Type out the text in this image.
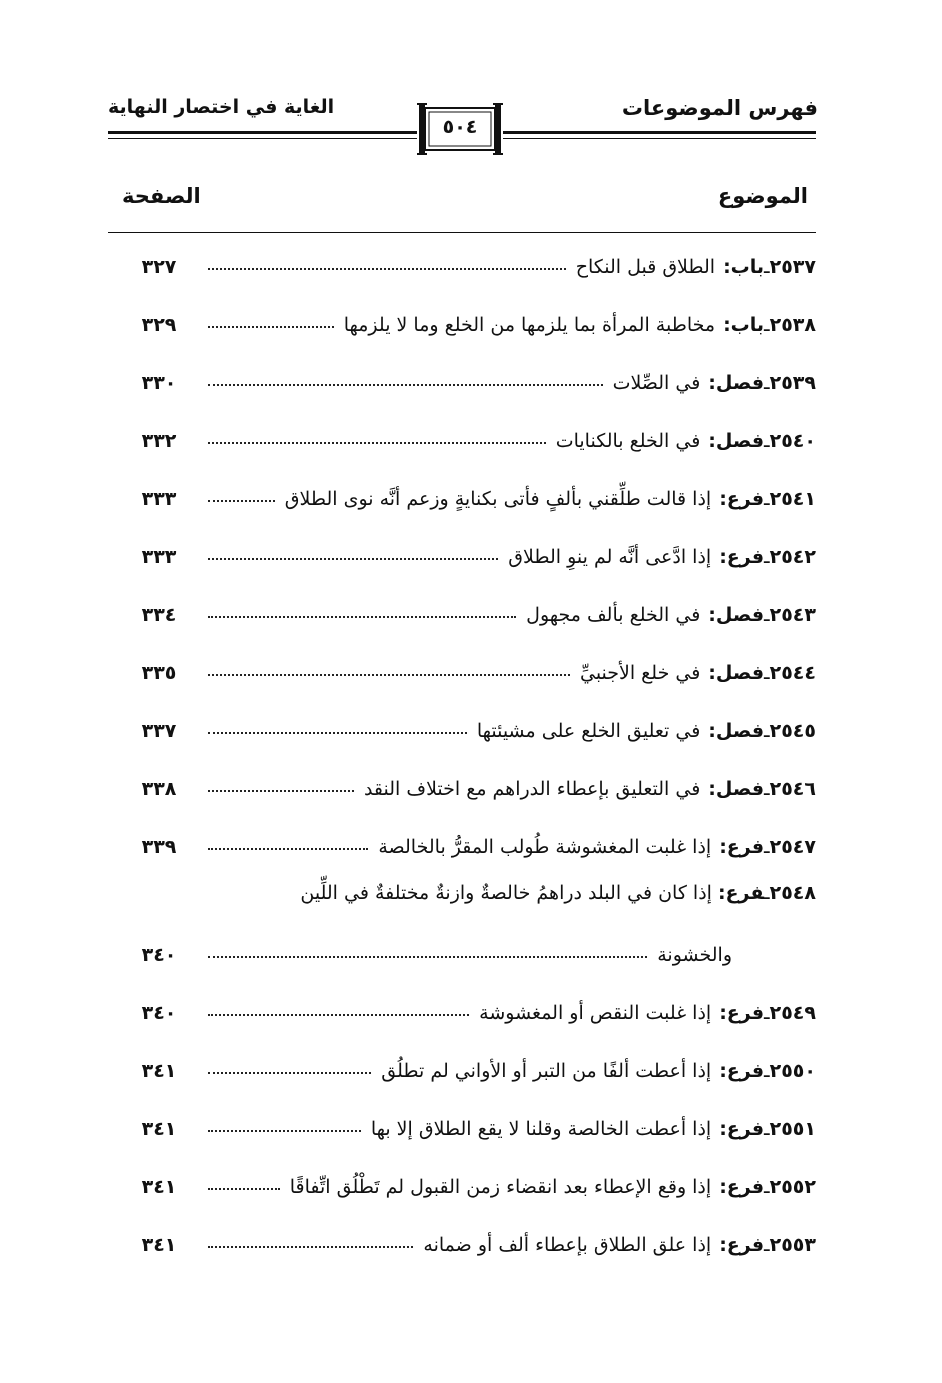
فهرس الموضوعات
الغاية في اختصار النهاية
٥٠٤
الموضوع
الصفحة
٢٥٣٧
ـ
باب:
الطلاق قبل النكاح
٣٢٧
٢٥٣٨
ـ
باب:
مخاطبة المرأة بما يلزمها من الخلع وما لا يلزمها
٣٢٩
٢٥٣٩
ـ
فصل:
في الصِّلات
٣٣٠
٢٥٤٠
ـ
فصل:
في الخلع بالكنايات
٣٣٢
٢٥٤١
ـ
فرع:
إذا قالت طلِّقني بألفٍ فأتى بكنايةٍ وزعم أنَّه نوى الطلاق
٣٣٣
٢٥٤٢
ـ
فرع:
إذا ادَّعى أنَّه لم ينوِ الطلاق
٣٣٣
٢٥٤٣
ـ
فصل:
في الخلع بألف مجهول
٣٣٤
٢٥٤٤
ـ
فصل:
في خلع الأجنبيِّ
٣٣٥
٢٥٤٥
ـ
فصل:
في تعليق الخلع على مشيئتها
٣٣٧
٢٥٤٦
ـ
فصل:
في التعليق بإعطاء الدراهم مع اختلاف النقد
٣٣٨
٢٥٤٧
ـ
فرع:
إذا غلبت المغشوشة طُولب المقرُّ بالخالصة
٣٣٩
٢٥٤٨ـفرع:إذا كان في البلد دراهمُ خالصةٌ وازنةٌ مختلفةٌ في اللِّين
والخشونة
٣٤٠
٢٥٤٩
ـ
فرع:
إذا غلبت النقص أو المغشوشة
٣٤٠
٢٥٥٠
ـ
فرع:
إذا أعطت ألفًا من التبر أو الأواني لم تطلُق
٣٤١
٢٥٥١
ـ
فرع:
إذا أعطت الخالصة وقلنا لا يقع الطلاق إلا بها
٣٤١
٢٥٥٢
ـ
فرع:
إذا وقع الإعطاء بعد انقضاء زمن القبول لم تَطْلُق اتِّفاقًا
٣٤١
٢٥٥٣
ـ
فرع:
إذا علق الطلاق بإعطاء ألف أو ضمانه
٣٤١
